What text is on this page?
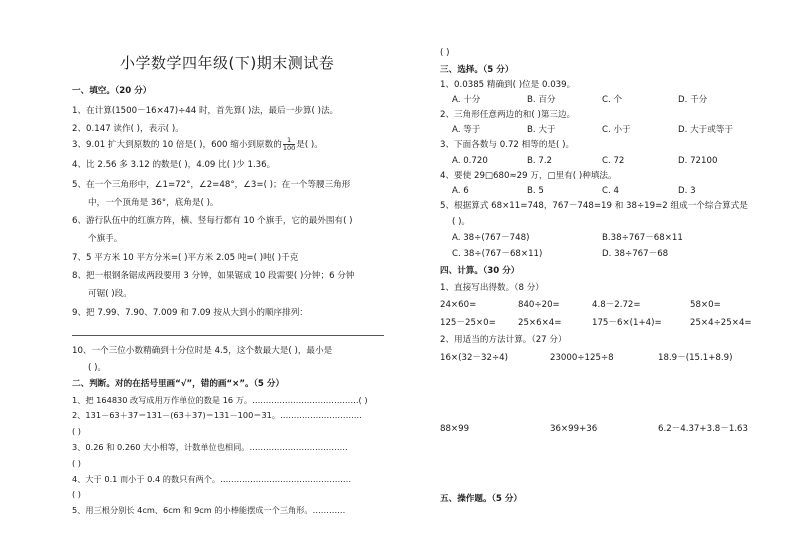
小学数学四年级(下)期末测试卷
一、填空。（20 分）
1、在计算(1500－16×47)÷44 时，首先算( )法，最后一步算( )法。
2、0.147 读作( )，表示( )。
3、9.01 扩大到原数的 10 倍是( )，600 缩小到原数的 $\frac{1}{100}$ 是( )。
4、比 2.56 多 3.12 的数是( )，4.09 比( )少 1.36。
5、在一个三角形中，∠1=72°，∠2=48°，∠3=( )；在一个等腰三角形
中，一个顶角是 36°，底角是( )。
6、游行队伍中的红旗方阵，横、竖每行都有 10 个旗手，它的最外围有( )
个旗手。
7、5 平方米 10 平方分米=( )平方米 2.05 吨=( )吨( )千克
8、把一根钢条锯成两段要用 3 分钟，如果锯成 10 段需要( )分钟；6 分钟
可锯( )段。
9、把 7.99、7.90、7.009 和 7.09 按从大到小的顺序排列：
10、一个三位小数精确到十分位时是 4.5，这个数最大是( )，最小是
( )。
二、判断。对的在括号里画“√”，错的画“×”。（5 分）
1、把 164830 改写成用万作单位的数是 16 万。…………………………………( )
2、131－63＋37＝131－(63＋37)＝131－100＝31。…………………………
( )
3、0.26 和 0.260 大小相等，计数单位也相同。………………………………
( )
4、大于 0.1 而小于 0.4 的数只有两个。…………………………………………
( )
5、用三根分别长 4cm、6cm 和 9cm 的小棒能摆成一个三角形。…………
( )
三、选择。（5 分）
1、0.0385 精确到( )位是 0.039。
A. 十分	B. 百分	C. 个	D. 千分
2、三角形任意两边的和( )第三边。
A. 等于	B. 大于	C. 小于	D. 大于或等于
3、下面各数与 0.72 相等的是( )。
A. 0.720	B. 7.2	C. 72	D. 72100
4、要使 29□680≈29 万，□里有( )种填法。
A. 6	B. 5	C. 4	D. 3
5、根据算式 68×11=748，767－748=19 和 38÷19=2 组成一个综合算式是
( )。
A. 38÷(767－748)	B.38÷767－68×11
C. 38÷(767－68×11)	D. 38÷767－68
四、计算。（30 分）
1、直接写出得数。（8 分）
24×60=	840÷20=	4.8－2.72=	58×0=
125－25×0=	25×6×4=	175－6×(1+4)=	25×4÷25×4=
2、用适当的方法计算。（27 分）
16×(32－32÷4)	23000÷125÷8	18.9－(15.1+8.9)
88×99	36×99+36	6.2－4.37+3.8－1.63
五、操作题。（5 分）
